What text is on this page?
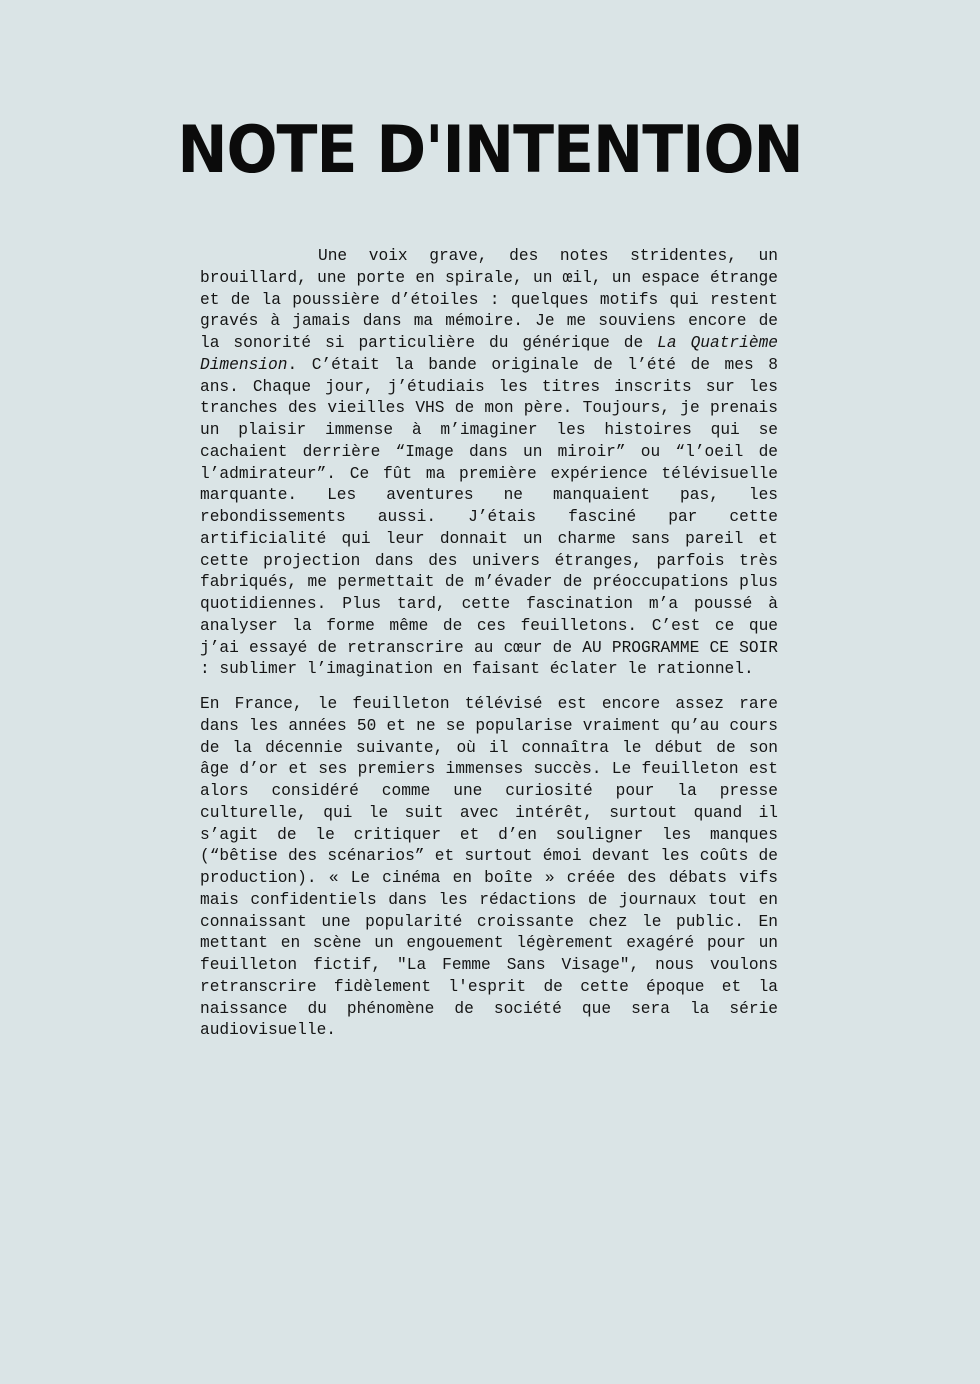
NOTE D'INTENTION

Une voix grave, des notes stridentes, un brouillard, une porte en spirale, un œil, un espace étrange et de la poussière d’étoiles : quelques motifs qui restent gravés à jamais dans ma mémoire. Je me souviens encore de la sonorité si particulière du générique de La Quatrième Dimension. C’était la bande originale de l’été de mes 8 ans. Chaque jour, j’étudiais les titres inscrits sur les tranches des vieilles VHS de mon père. Toujours, je prenais un plaisir immense à m’imaginer les histoires qui se cachaient derrière “Image dans un miroir” ou “l’oeil de l’admirateur”. Ce fût ma première expérience télévisuelle marquante. Les aventures ne manquaient pas, les rebondissements aussi. J’étais fasciné par cette artificialité qui leur donnait un charme sans pareil et cette projection dans des univers étranges, parfois très fabriqués, me permettait de m’évader de préoccupations plus quotidiennes. Plus tard, cette fascination m’a poussé à analyser la forme même de ces feuilletons. C’est ce que j’ai essayé de retranscrire au cœur de AU PROGRAMME CE SOIR : sublimer l’imagination en faisant éclater le rationnel.

En France, le feuilleton télévisé est encore assez rare dans les années 50 et ne se popularise vraiment qu’au cours de la décennie suivante, où il connaîtra le début de son âge d’or et ses premiers immenses succès. Le feuilleton est alors considéré comme une curiosité pour la presse culturelle, qui le suit avec intérêt, surtout quand il s’agit de le critiquer et d’en souligner les manques (“bêtise des scénarios” et surtout émoi devant les coûts de production). « Le cinéma en boîte » créée des débats vifs mais confidentiels dans les rédactions de journaux tout en connaissant une popularité croissante chez le public. En mettant en scène un engouement légèrement exagéré pour un feuilleton fictif, "La Femme Sans Visage", nous voulons retranscrire fidèlement l'esprit de cette époque et la naissance du phénomène de société que sera la série audiovisuelle.
